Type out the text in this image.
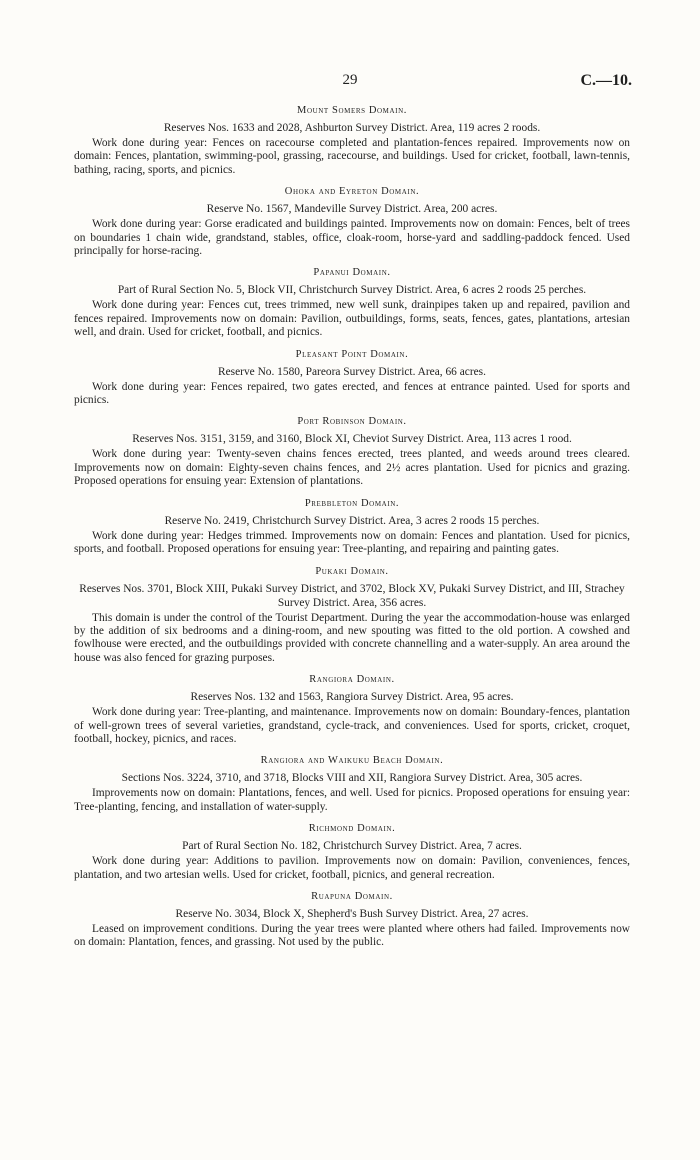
29	C.—10.
Mount Somers Domain.
Reserves Nos. 1633 and 2028, Ashburton Survey District. Area, 119 acres 2 roods.

Work done during year: Fences on racecourse completed and plantation-fences repaired. Improvements now on domain: Fences, plantation, swimming-pool, grassing, racecourse, and buildings. Used for cricket, football, lawn-tennis, bathing, racing, sports, and picnics.

Ohoka and Eyreton Domain.
Reserve No. 1567, Mandeville Survey District. Area, 200 acres.

Work done during year: Gorse eradicated and buildings painted. Improvements now on domain: Fences, belt of trees on boundaries 1 chain wide, grandstand, stables, office, cloak-room, horse-yard and saddling-paddock fenced. Used principally for horse-racing.

Papanui Domain.
Part of Rural Section No. 5, Block VII, Christchurch Survey District. Area, 6 acres 2 roods 25 perches.

Work done during year: Fences cut, trees trimmed, new well sunk, drainpipes taken up and repaired, pavilion and fences repaired. Improvements now on domain: Pavilion, outbuildings, forms, seats, fences, gates, plantations, artesian well, and drain. Used for cricket, football, and picnics.

Pleasant Point Domain.
Reserve No. 1580, Pareora Survey District. Area, 66 acres.

Work done during year: Fences repaired, two gates erected, and fences at entrance painted. Used for sports and picnics.

Port Robinson Domain.
Reserves Nos. 3151, 3159, and 3160, Block XI, Cheviot Survey District. Area, 113 acres 1 rood.

Work done during year: Twenty-seven chains fences erected, trees planted, and weeds around trees cleared. Improvements now on domain: Eighty-seven chains fences, and 2½ acres plantation. Used for picnics and grazing. Proposed operations for ensuing year: Extension of plantations.

Prebbleton Domain.
Reserve No. 2419, Christchurch Survey District. Area, 3 acres 2 roods 15 perches.

Work done during year: Hedges trimmed. Improvements now on domain: Fences and plantation. Used for picnics, sports, and football. Proposed operations for ensuing year: Tree-planting, and repairing and painting gates.

Pukaki Domain.
Reserves Nos. 3701, Block XIII, Pukaki Survey District, and 3702, Block XV, Pukaki Survey District, and III, Strachey Survey District. Area, 356 acres.

This domain is under the control of the Tourist Department. During the year the accommodation-house was enlarged by the addition of six bedrooms and a dining-room, and new spouting was fitted to the old portion. A cowshed and fowlhouse were erected, and the outbuildings provided with concrete channelling and a water-supply. An area around the house was also fenced for grazing purposes.

Rangiora Domain.
Reserves Nos. 132 and 1563, Rangiora Survey District. Area, 95 acres.

Work done during year: Tree-planting, and maintenance. Improvements now on domain: Boundary-fences, plantation of well-grown trees of several varieties, grandstand, cycle-track, and conveniences. Used for sports, cricket, croquet, football, hockey, picnics, and races.

Rangiora and Waikuku Beach Domain.
Sections Nos. 3224, 3710, and 3718, Blocks VIII and XII, Rangiora Survey District. Area, 305 acres.

Improvements now on domain: Plantations, fences, and well. Used for picnics. Proposed operations for ensuing year: Tree-planting, fencing, and installation of water-supply.

Richmond Domain.
Part of Rural Section No. 182, Christchurch Survey District. Area, 7 acres.

Work done during year: Additions to pavilion. Improvements now on domain: Pavilion, conveniences, fences, plantation, and two artesian wells. Used for cricket, football, picnics, and general recreation.

Ruapuna Domain.
Reserve No. 3034, Block X, Shepherd's Bush Survey District. Area, 27 acres.

Leased on improvement conditions. During the year trees were planted where others had failed. Improvements now on domain: Plantation, fences, and grassing. Not used by the public.
